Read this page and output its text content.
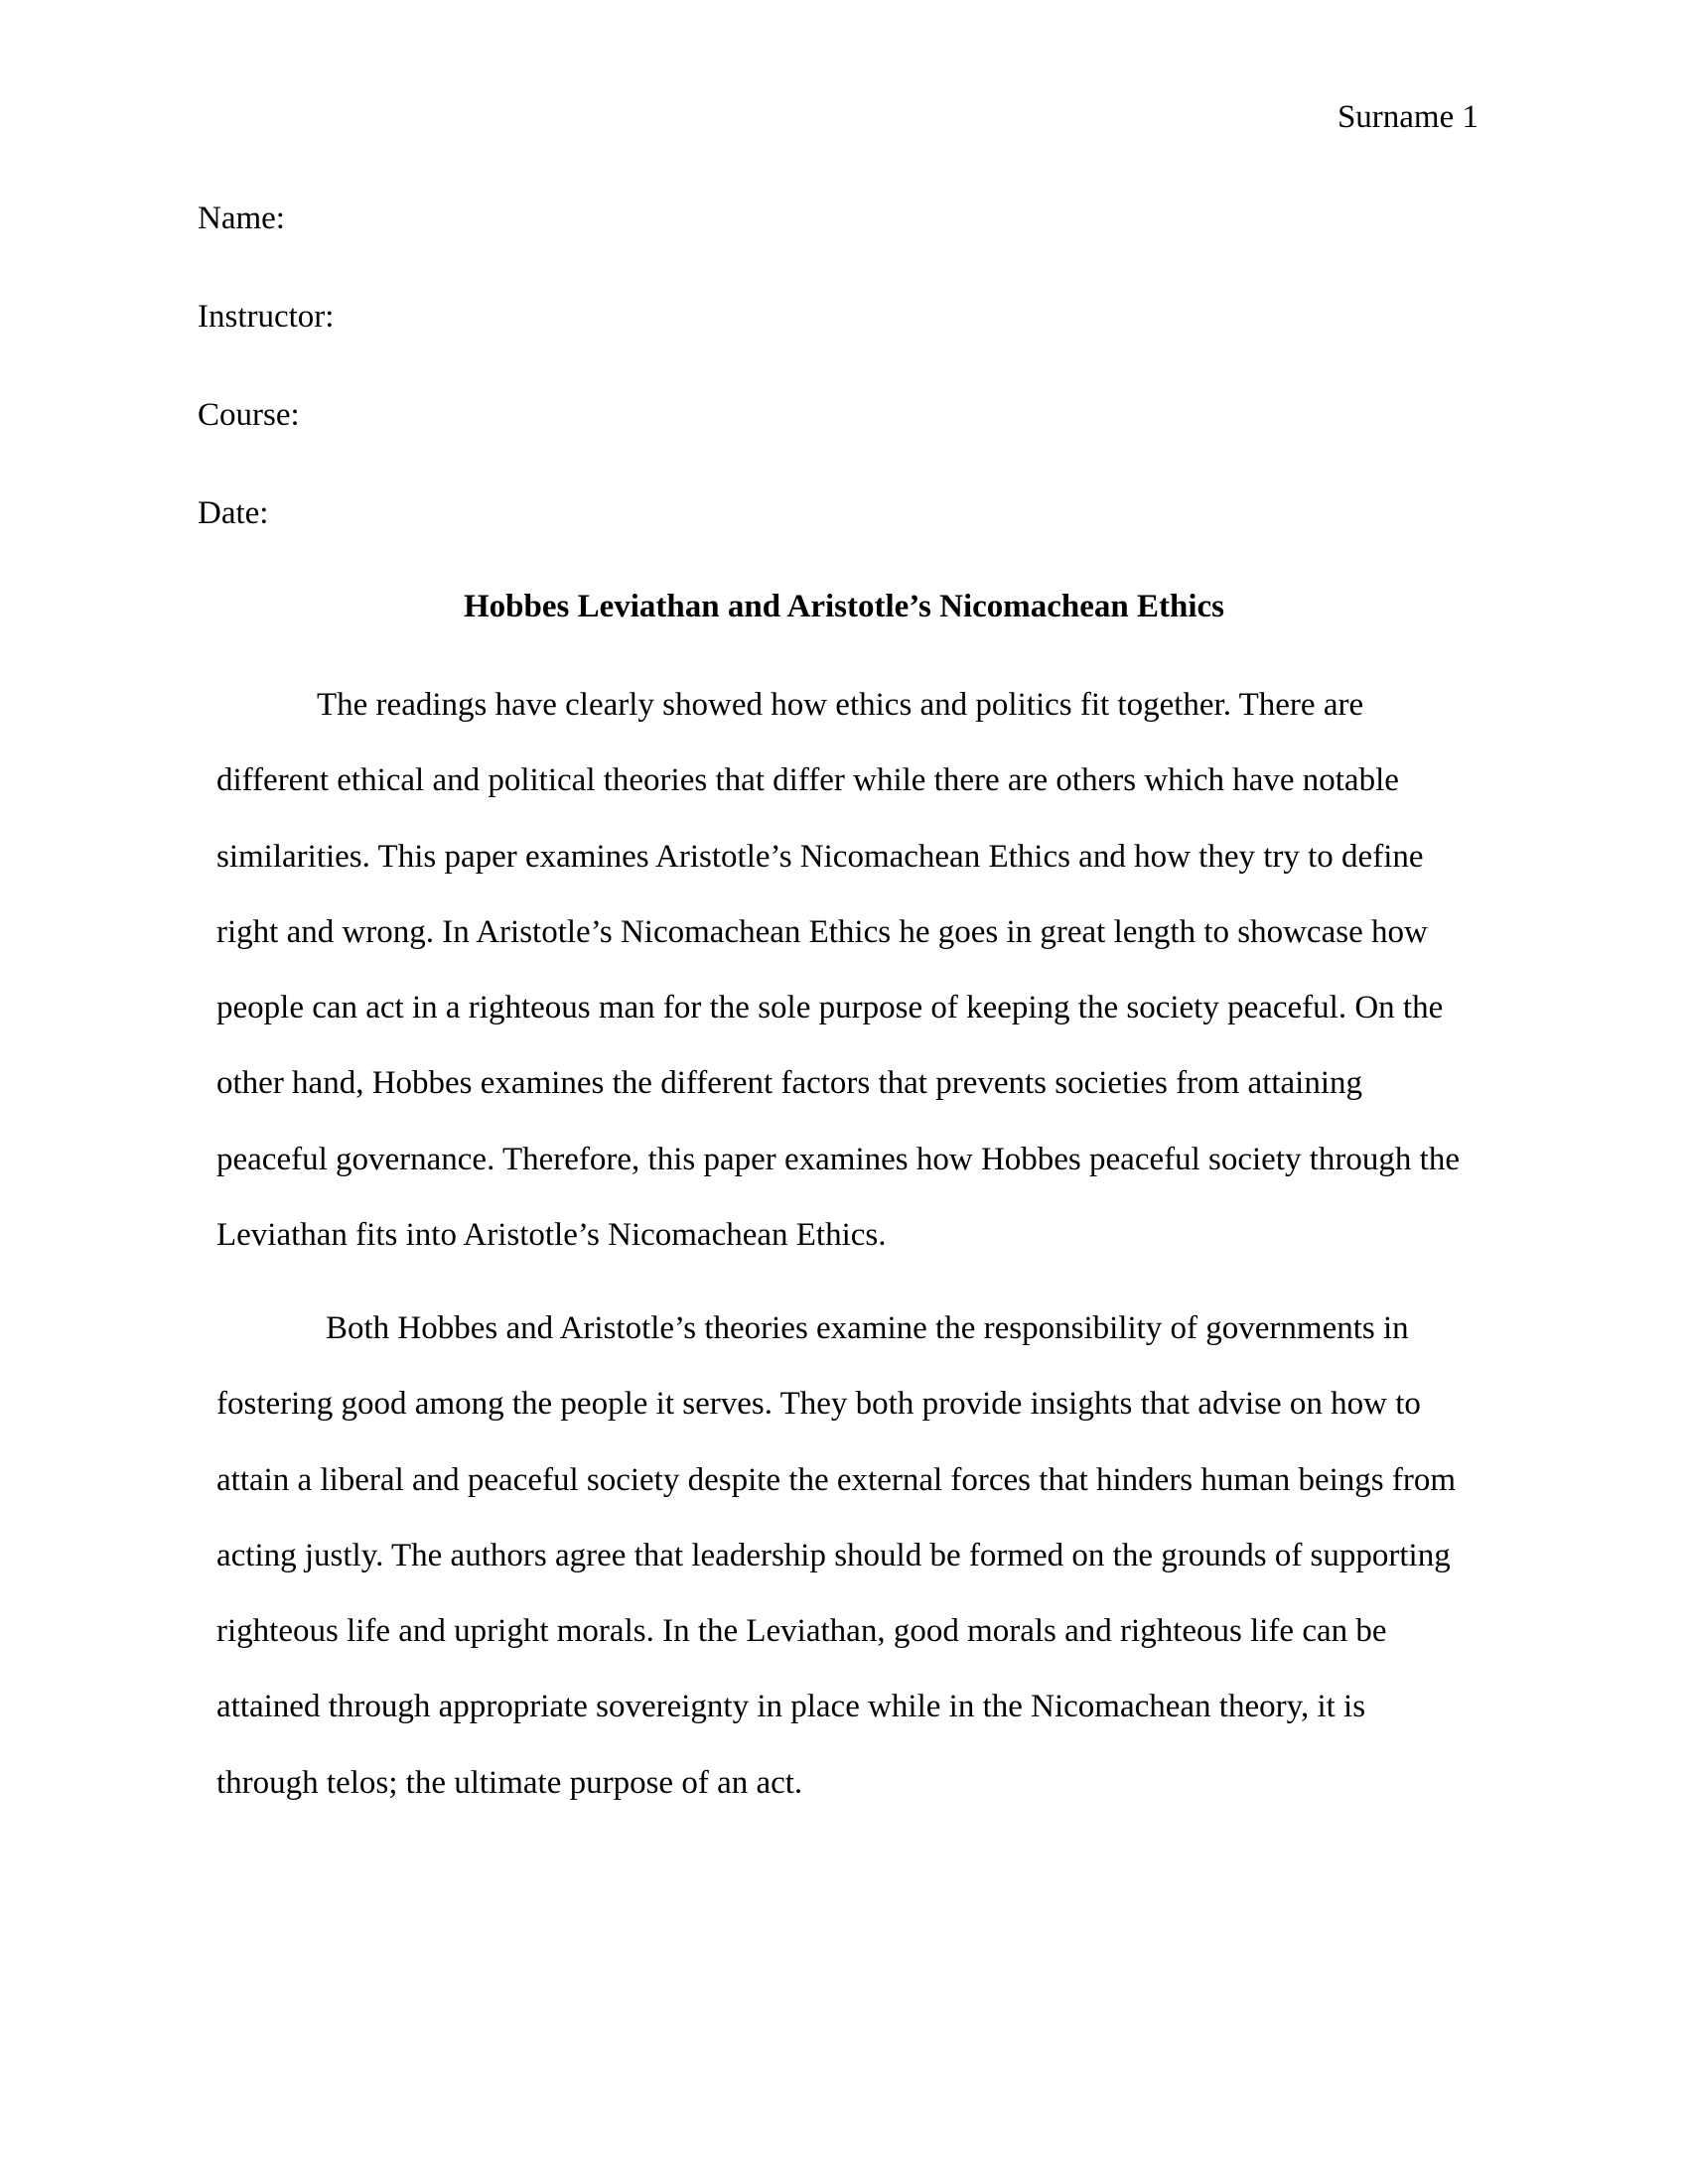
Surname 1
Name:
Instructor:
Course:
Date:
Hobbes Leviathan and Aristotle’s Nicomachean Ethics
The readings have clearly showed how ethics and politics fit together. There are
different ethical and political theories that differ while there are others which have notable
similarities. This paper examines Aristotle’s Nicomachean Ethics and how they try to define
right and wrong. In Aristotle’s Nicomachean Ethics he goes in great length to showcase how
people can act in a righteous man for the sole purpose of keeping the society peaceful. On the
other hand, Hobbes examines the different factors that prevents societies from attaining
peaceful governance. Therefore, this paper examines how Hobbes peaceful society through the
Leviathan fits into Aristotle’s Nicomachean Ethics.
Both Hobbes and Aristotle’s theories examine the responsibility of governments in
fostering good among the people it serves. They both provide insights that advise on how to
attain a liberal and peaceful society despite the external forces that hinders human beings from
acting justly. The authors agree that leadership should be formed on the grounds of supporting
righteous life and upright morals. In the Leviathan, good morals and righteous life can be
attained through appropriate sovereignty in place while in the Nicomachean theory, it is
through telos; the ultimate purpose of an act.
